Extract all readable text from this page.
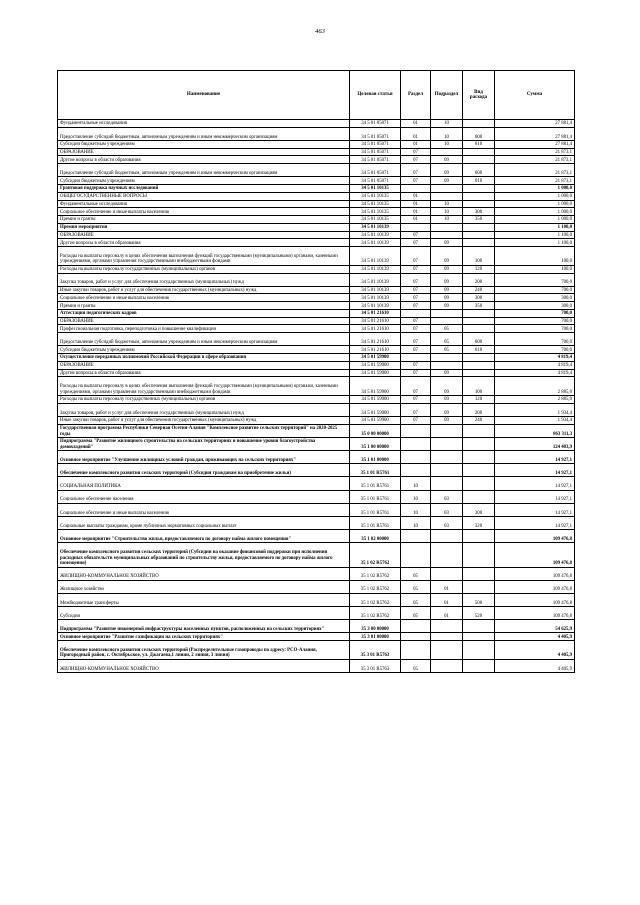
463
Наименование	Целевая статья	Раздел	Подраздел	Вид расхода	Сумма
Фундаментальные исследования	34 5 01 05071	01	10		27 881,4
Предоставление субсидий бюджетным, автономным учреждениям и иным некоммерческим организациям	34 5 01 05071	01	10	600	27 881,4
Субсидии бюджетным учреждениям	34 5 01 05071	01	10	610	27 881,4
ОБРАЗОВАНИЕ	34 5 01 05071	07			21 873,1
Другие вопросы в области образования	34 5 01 05071	07	09		21 873,1
Предоставление субсидий бюджетным, автономным учреждениям и иным некоммерческим организациям	34 5 01 05071	07	09	600	21 873,1
Субсидии бюджетным учреждениям	34 5 01 05071	07	09	610	21 873,1
Грантовая поддержка научных исследований	34 5 01 10135				1 000,0
ОБЩЕГОСУДАРСТВЕННЫЕ ВОПРОСЫ	34 5 01 10135	01			1 000,0
Фундаментальные исследования	34 5 01 10135	01	10		1 000,0
Социальное обеспечение и иные выплаты населению	34 5 01 10135	01	10	300	1 000,0
Премии и гранты	34 5 01 10135	01	10	350	1 000,0
Премия мероприятия	34 5 01 10139				1 100,0
ОБРАЗОВАНИЕ	34 5 01 10139	07			1 100,0
Другие вопросы в области образования	34 5 01 10139	07	09		1 100,0
Расходы на выплаты персоналу в целях обеспечения выполнения функций государственными (муниципальными) органами, казенными учреждениями, органами управления государственными внебюджетными фондами	34 5 01 10139	07	09	100	100,0
Расходы на выплаты персоналу государственных (муниципальных) органов	34 5 01 10139	07	09	120	100,0
Закупка товаров, работ и услуг для обеспечения государственных (муниципальных) нужд	34 5 01 10139	07	09	200	700,0
Иные закупки товаров, работ и услуг для обеспечения государственных (муниципальных) нужд	34 5 01 10139	07	09	240	700,0
Социальное обеспечение и иные выплаты населению	34 5 01 10139	07	09	300	300,0
Премии и гранты	34 5 01 10139	07	09	350	300,0
Аттестация педагогических кадров	34 5 01 21610				700,0
ОБРАЗОВАНИЕ	34 5 01 21610	07			700,0
Профессиональная подготовка, переподготовка и повышение квалификации	34 5 01 21610	07	05		700,0
Предоставление субсидий бюджетным, автономным учреждениям и иным некоммерческим организациям	34 5 01 21610	07	05	600	700,0
Субсидии бюджетным учреждениям	34 5 01 21610	07	05	610	700,0
Осуществление переданных полномочий Российской Федерации в сфере образования	34 5 01 59900				4 819,4
ОБРАЗОВАНИЕ	34 5 01 59900	07			4 819,4
Другие вопросы в области образования	34 5 01 59900	07	09		4 819,4
Расходы на выплаты персоналу в целях обеспечения выполнения функций государственными (муниципальными) органами, казенными учреждениями, органами управления государственными внебюджетными фондами	34 5 01 59900	07	09	100	2 885,0
Расходы на выплаты персоналу государственных (муниципальных) органов	34 5 01 59900	07	09	120	2 885,0
Закупка товаров, работ и услуг для обеспечения государственных (муниципальных) нужд	34 5 01 59900	07	09	200	1 934,4
Иные закупки товаров, работ и услуг для обеспечения государственных (муниципальных) нужд	34 5 01 59900	07	09	240	1 934,4
Государственная программа Республики Северная Осетия-Алания "Комплексное развитие сельских территорий" на 2020-2025 годы	35 0 00 00000				863 311,3
Подпрограмма "Развитие жилищного строительства на сельских территориях и повышение уровня благоустройства домовладений"	35 1 00 00000				124 403,9
Основное мероприятие "Улучшение жилищных условий граждан, проживающих на сельских территориях"	35 1 01 00000				14 927,1
Обеспечение комплексного развития сельских территорий (Субсидия гражданам на приобретение жилья)	35 1 01 R5761				14 927,1
СОЦИАЛЬНАЯ ПОЛИТИКА	35 1 01 R5761	10			14 927,1
Социальное обеспечение населения	35 1 01 R5761	10	03		14 927,1
Социальное обеспечение и иные выплаты населению	35 1 01 R5761	10	03	300	14 927,1
Социальные выплаты гражданам, кроме публичных нормативных социальных выплат	35 1 01 R5761	10	03	320	14 927,1
Основное мероприятие "Строительство жилья, предоставляемого по договору найма жилого помещения"	35 1 02 00000				109 476,8
Обеспечение комплексного развития сельских территорий (Субсидии на оказание финансовой поддержки при исполнении расходных обязательств муниципальных образований по строительству жилья, предоставляемого по договору найма жилого помещения)	35 1 02 R5762				109 476,8
ЖИЛИЩНО-КОММУНАЛЬНОЕ ХОЗЯЙСТВО	35 1 02 R5762	05			109 476,8
Жилищное хозяйство	35 1 02 R5762	05	01		109 476,8
Межбюджетные трансферты	35 1 02 R5762	05	01	500	109 476,8
Субсидии	35 1 02 R5762	05	01	520	109 476,8
Подпрограмма "Развитие инженерной инфраструктуры населенных пунктов, расположенных на сельских территориях"	35 3 00 00000				54 625,9
Основное мероприятие "Развитие газификации на сельских территориях"	35 3 01 00000				4 405,9
Обеспечение комплексного развития сельских территорий (Распределительные газопроводы по адресу: РСО-Алания, Пригородный район, с. Октябрьское, ул. Джагаева,1 линии, 2 линия, 3 линия)	35 3 01 R5763				4 405,9
ЖИЛИЩНО-КОММУНАЛЬНОЕ ХОЗЯЙСТВО	35 3 01 R5763	05			4 405,9
